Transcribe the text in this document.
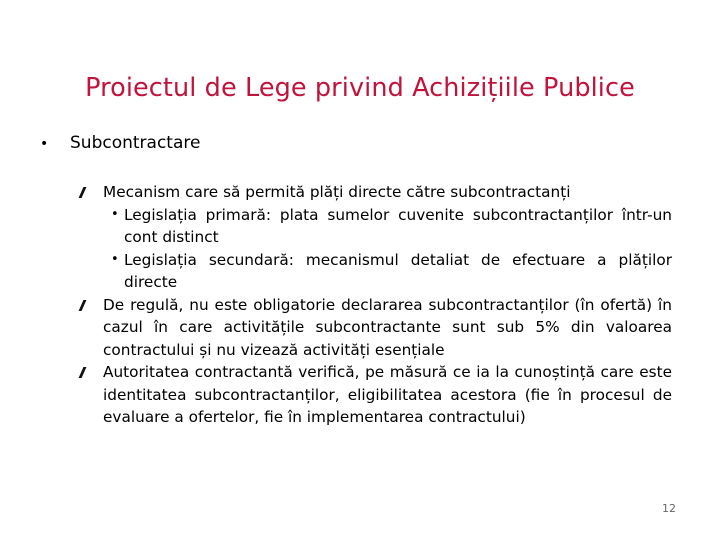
Proiectul de Lege privind Achizițiile Publice
•	Subcontractare
Mecanism care să permită plăți directe către subcontractanți
• Legislația primară: plata sumelor cuvenite subcontractanților într-un cont distinct
• Legislația secundară: mecanismul detaliat de efectuare a plăților directe
De regulă, nu este obligatorie declararea subcontractanților (în ofertă) în cazul în care activitățile subcontractante sunt sub 5% din valoarea contractului și nu vizează activități esențiale
Autoritatea contractantă verifică, pe măsură ce ia la cunoștință care este identitatea subcontractanților, eligibilitatea acestora (fie în procesul de evaluare a ofertelor, fie în implementarea contractului)
12
